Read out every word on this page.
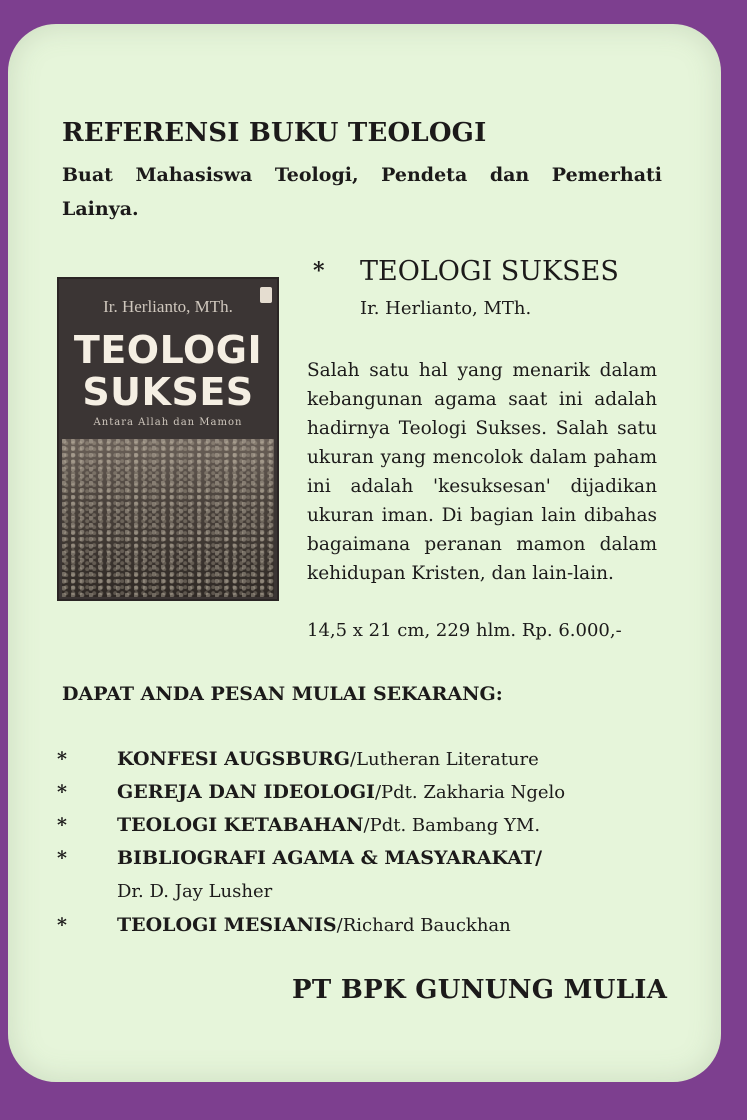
REFERENSI BUKU TEOLOGI
Buat Mahasiswa Teologi, Pendeta dan Pemerhati Lainya.
Ir. Herlianto, MTh.
TEOLOGI
SUKSES
Antara Allah dan Mamon
* TEOLOGI SUKSES
Ir. Herlianto, MTh.
Salah satu hal yang menarik dalam kebangunan agama saat ini adalah hadirnya Teologi Sukses. Salah satu ukuran yang mencolok dalam paham ini adalah 'kesuksesan' dijadikan ukuran iman. Di bagian lain dibahas bagaimana peranan mamon dalam kehidupan Kristen, dan lain-lain.
14,5 x 21 cm, 229 hlm. Rp. 6.000,-
DAPAT ANDA PESAN MULAI SEKARANG:
*	KONFESI AUGSBURG/Lutheran Literature
*	GEREJA DAN IDEOLOGI/Pdt. Zakharia Ngelo
*	TEOLOGI KETABAHAN/Pdt. Bambang YM.
*	BIBLIOGRAFI AGAMA & MASYARAKAT/
Dr. D. Jay Lusher
*	TEOLOGI MESIANIS/Richard Bauckhan
PT BPK GUNUNG MULIA
